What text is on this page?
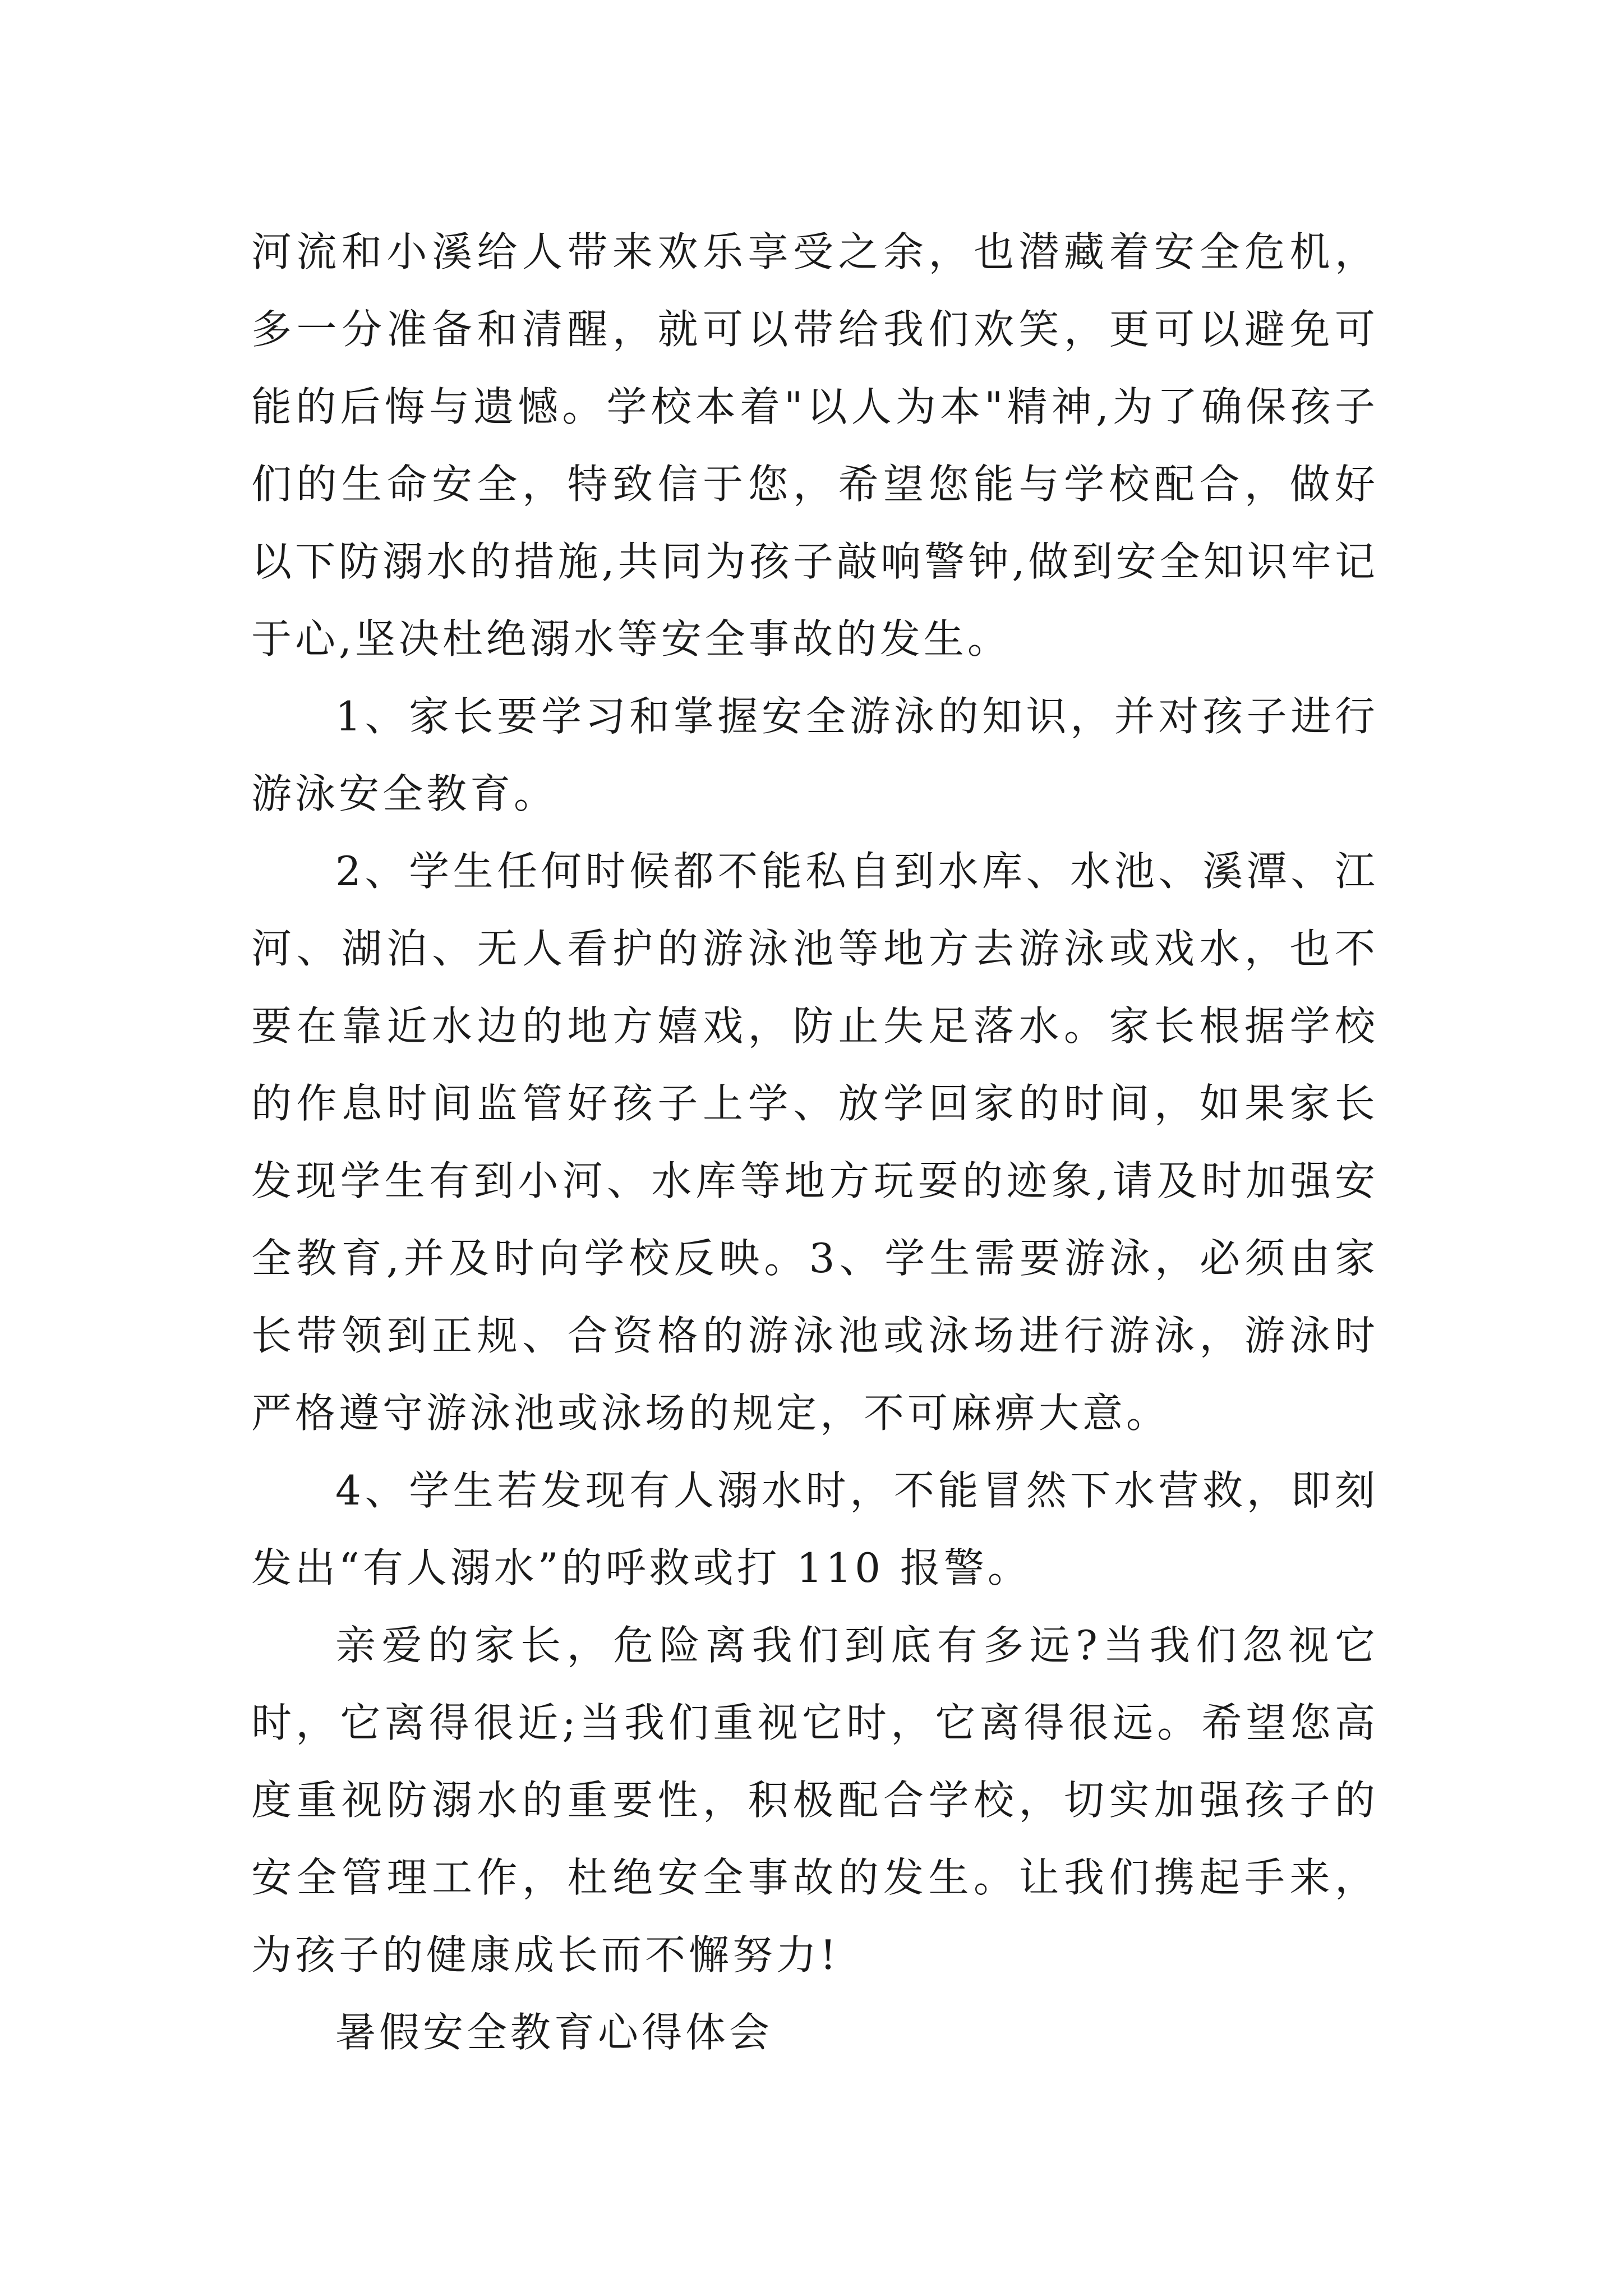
河流和小溪给人带来欢乐享受之余，也潜藏着安全危机，多一分准备和清醒，就可以带给我们欢笑，更可以避免可能的后悔与遗憾。学校本着"以人为本"精神,为了确保孩子们的生命安全，特致信于您，希望您能与学校配合，做好以下防溺水的措施,共同为孩子敲响警钟,做到安全知识牢记于心,坚决杜绝溺水等安全事故的发生。

1、家长要学习和掌握安全游泳的知识，并对孩子进行游泳安全教育。

2、学生任何时候都不能私自到水库、水池、溪潭、江河、湖泊、无人看护的游泳池等地方去游泳或戏水，也不要在靠近水边的地方嬉戏，防止失足落水。家长根据学校的作息时间监管好孩子上学、放学回家的时间，如果家长发现学生有到小河、水库等地方玩耍的迹象,请及时加强安全教育,并及时向学校反映。3、学生需要游泳，必须由家长带领到正规、合资格的游泳池或泳场进行游泳，游泳时严格遵守游泳池或泳场的规定，不可麻痹大意。

4、学生若发现有人溺水时，不能冒然下水营救，即刻发出“有人溺水”的呼救或打 110 报警。

亲爱的家长，危险离我们到底有多远?当我们忽视它时，它离得很近;当我们重视它时，它离得很远。希望您高度重视防溺水的重要性，积极配合学校，切实加强孩子的安全管理工作，杜绝安全事故的发生。让我们携起手来，为孩子的健康成长而不懈努力!

暑假安全教育心得体会
